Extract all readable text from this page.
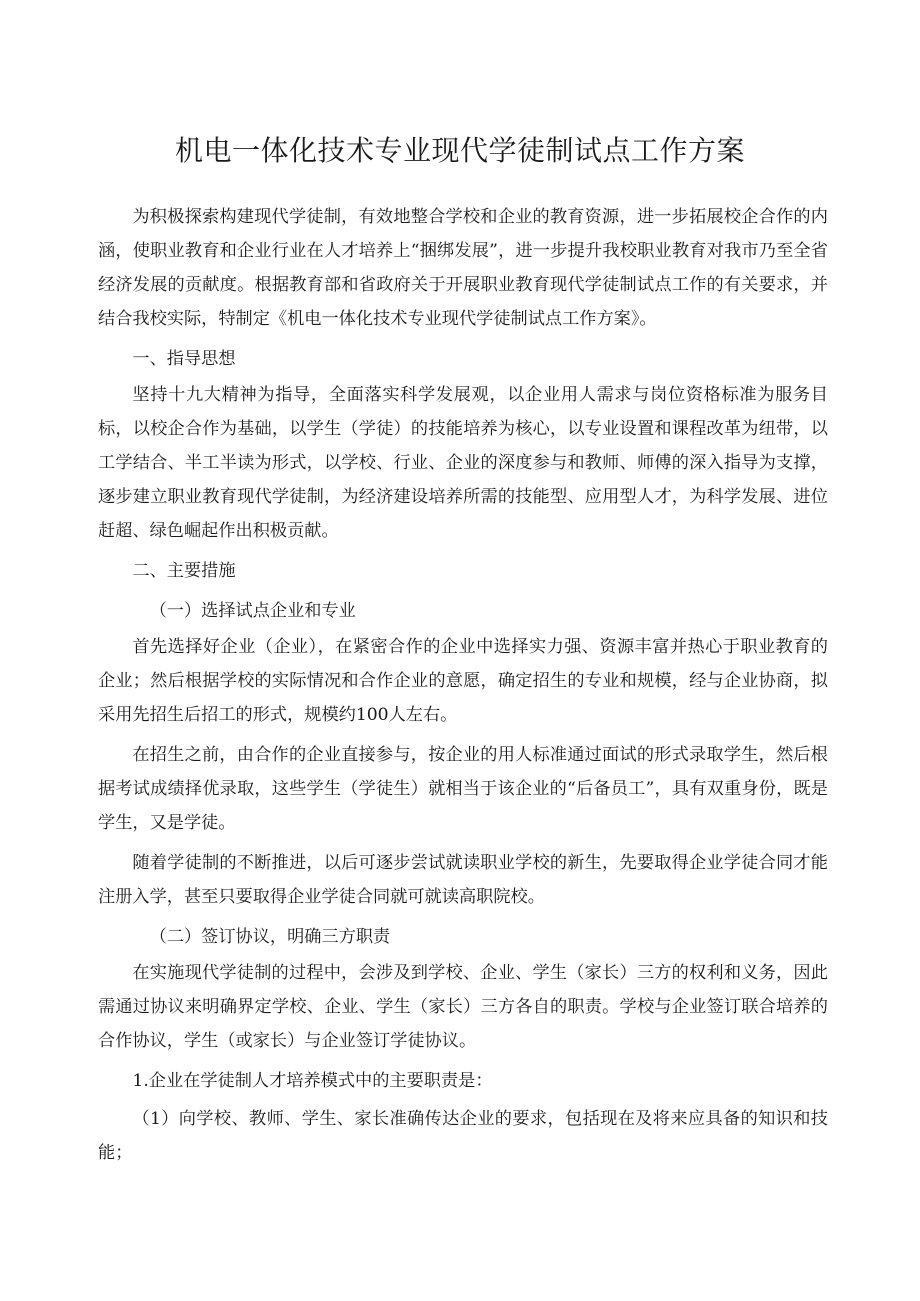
机电一体化技术专业现代学徒制试点工作方案

为积极探索构建现代学徒制，有效地整合学校和企业的教育资源，进一步拓展校企合作的内涵，使职业教育和企业行业在人才培养上“捆绑发展”，进一步提升我校职业教育对我市乃至全省经济发展的贡献度。根据教育部和省政府关于开展职业教育现代学徒制试点工作的有关要求，并结合我校实际，特制定《机电一体化技术专业现代学徒制试点工作方案》。

一、指导思想

坚持十九大精神为指导，全面落实科学发展观，以企业用人需求与岗位资格标准为服务目标，以校企合作为基础，以学生（学徒）的技能培养为核心，以专业设置和课程改革为纽带，以工学结合、半工半读为形式，以学校、行业、企业的深度参与和教师、师傅的深入指导为支撑，逐步建立职业教育现代学徒制，为经济建设培养所需的技能型、应用型人才，为科学发展、进位赶超、绿色崛起作出积极贡献。

二、主要措施

（一）选择试点企业和专业

首先选择好企业（企业），在紧密合作的企业中选择实力强、资源丰富并热心于职业教育的企业；然后根据学校的实际情况和合作企业的意愿，确定招生的专业和规模，经与企业协商，拟采用先招生后招工的形式，规模约100人左右。

在招生之前，由合作的企业直接参与，按企业的用人标准通过面试的形式录取学生，然后根据考试成绩择优录取，这些学生（学徒生）就相当于该企业的“后备员工”，具有双重身份，既是学生，又是学徒。

随着学徒制的不断推进，以后可逐步尝试就读职业学校的新生，先要取得企业学徒合同才能注册入学，甚至只要取得企业学徒合同就可就读高职院校。

（二）签订协议，明确三方职责

在实施现代学徒制的过程中，会涉及到学校、企业、学生（家长）三方的权利和义务，因此需通过协议来明确界定学校、企业、学生（家长）三方各自的职责。学校与企业签订联合培养的合作协议，学生（或家长）与企业签订学徒协议。

1.企业在学徒制人才培养模式中的主要职责是：

（1）向学校、教师、学生、家长准确传达企业的要求，包括现在及将来应具备的知识和技能；
